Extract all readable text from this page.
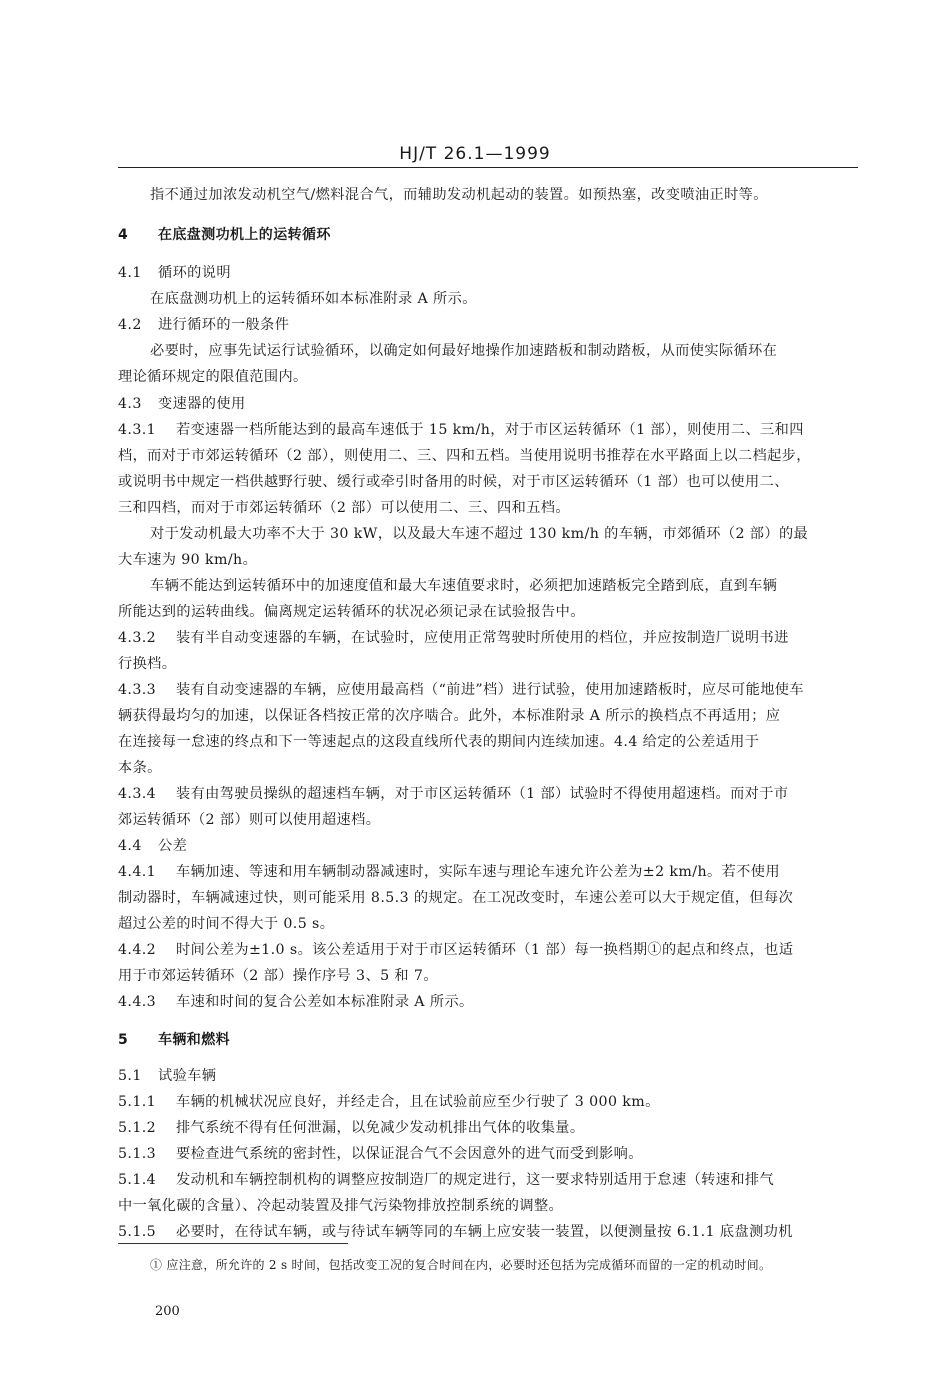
HJ/T 26.1—1999
指不通过加浓发动机空气/燃料混合气，而辅助发动机起动的装置。如预热塞，改变喷油正时等。
4 在底盘测功机上的运转循环
4.1 循环的说明
在底盘测功机上的运转循环如本标准附录 A 所示。
4.2 进行循环的一般条件
必要时，应事先试运行试验循环，以确定如何最好地操作加速踏板和制动踏板，从而使实际循环在
理论循环规定的限值范围内。
4.3 变速器的使用
4.3.1 若变速器一档所能达到的最高车速低于 15 km/h，对于市区运转循环（1 部），则使用二、三和四
档，而对于市郊运转循环（2 部），则使用二、三、四和五档。当使用说明书推荐在水平路面上以二档起步，
或说明书中规定一档供越野行驶、缓行或牵引时备用的时候，对于市区运转循环（1 部）也可以使用二、
三和四档，而对于市郊运转循环（2 部）可以使用二、三、四和五档。
对于发动机最大功率不大于 30 kW，以及最大车速不超过 130 km/h 的车辆，市郊循环（2 部）的最
大车速为 90 km/h。
车辆不能达到运转循环中的加速度值和最大车速值要求时，必须把加速踏板完全踏到底，直到车辆
所能达到的运转曲线。偏离规定运转循环的状况必须记录在试验报告中。
4.3.2 装有半自动变速器的车辆，在试验时，应使用正常驾驶时所使用的档位，并应按制造厂说明书进
行换档。
4.3.3 装有自动变速器的车辆，应使用最高档（“前进”档）进行试验，使用加速踏板时，应尽可能地使车
辆获得最均匀的加速，以保证各档按正常的次序啮合。此外，本标准附录 A 所示的换档点不再适用；应
在连接每一怠速的终点和下一等速起点的这段直线所代表的期间内连续加速。4.4 给定的公差适用于
本条。
4.3.4 装有由驾驶员操纵的超速档车辆，对于市区运转循环（1 部）试验时不得使用超速档。而对于市
郊运转循环（2 部）则可以使用超速档。
4.4 公差
4.4.1 车辆加速、等速和用车辆制动器减速时，实际车速与理论车速允许公差为±2 km/h。若不使用
制动器时，车辆减速过快，则可能采用 8.5.3 的规定。在工况改变时，车速公差可以大于规定值，但每次
超过公差的时间不得大于 0.5 s。
4.4.2 时间公差为±1.0 s。该公差适用于对于市区运转循环（1 部）每一换档期①的起点和终点，也适
用于市郊运转循环（2 部）操作序号 3、5 和 7。
4.4.3 车速和时间的复合公差如本标准附录 A 所示。
5 车辆和燃料
5.1 试验车辆
5.1.1 车辆的机械状况应良好，并经走合，且在试验前应至少行驶了 3 000 km。
5.1.2 排气系统不得有任何泄漏，以免减少发动机排出气体的收集量。
5.1.3 要检查进气系统的密封性，以保证混合气不会因意外的进气而受到影响。
5.1.4 发动机和车辆控制机构的调整应按制造厂的规定进行，这一要求特别适用于怠速（转速和排气
中一氧化碳的含量）、冷起动装置及排气污染物排放控制系统的调整。
5.1.5 必要时，在待试车辆，或与待试车辆等同的车辆上应安装一装置，以便测量按 6.1.1 底盘测功机
① 应注意，所允许的 2 s 时间，包括改变工况的复合时间在内，必要时还包括为完成循环而留的一定的机动时间。
200
